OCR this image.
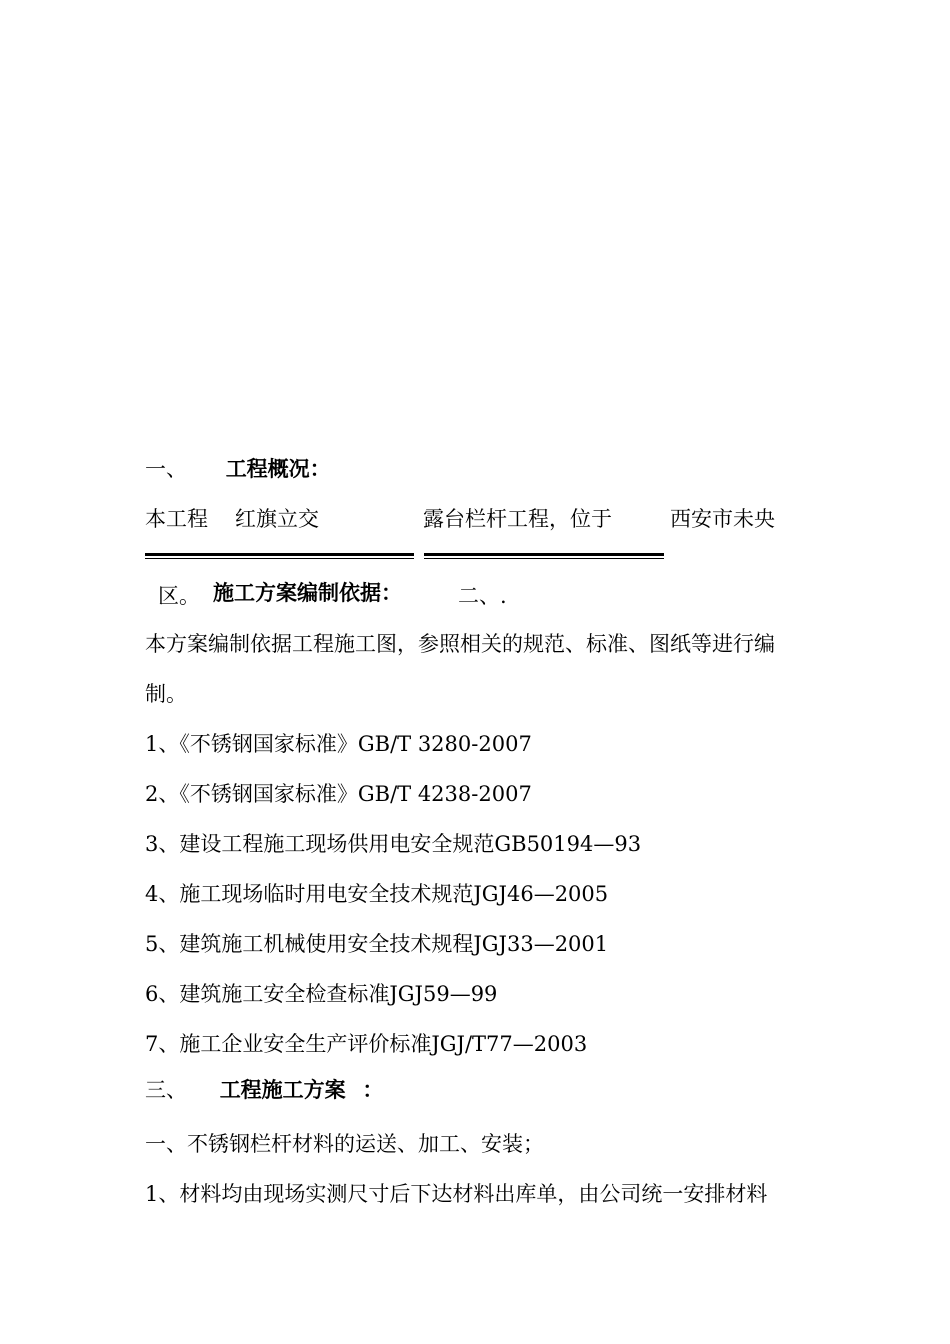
一、 工程概况：
本工程 红旗立交	露台栏杆工程，位于	西安市未央
区。 施工方案编制依据：	二、.
本方案编制依据工程施工图，参照相关的规范、标准、图纸等进行编
制。
1、《不锈钢国家标准》GB/T 3280-2007
2、《不锈钢国家标准》GB/T 4238-2007
3、建设工程施工现场供用电安全规范GB50194—93
4、施工现场临时用电安全技术规范JGJ46—2005
5、建筑施工机械使用安全技术规程JGJ33—2001
6、建筑施工安全检查标准JGJ59—99
7、施工企业安全生产评价标准JGJ/T77—2003
三、 工程施工方案 ：
一、不锈钢栏杆材料的运送、加工、安装；
1、材料均由现场实测尺寸后下达材料出库单，由公司统一安排材料
